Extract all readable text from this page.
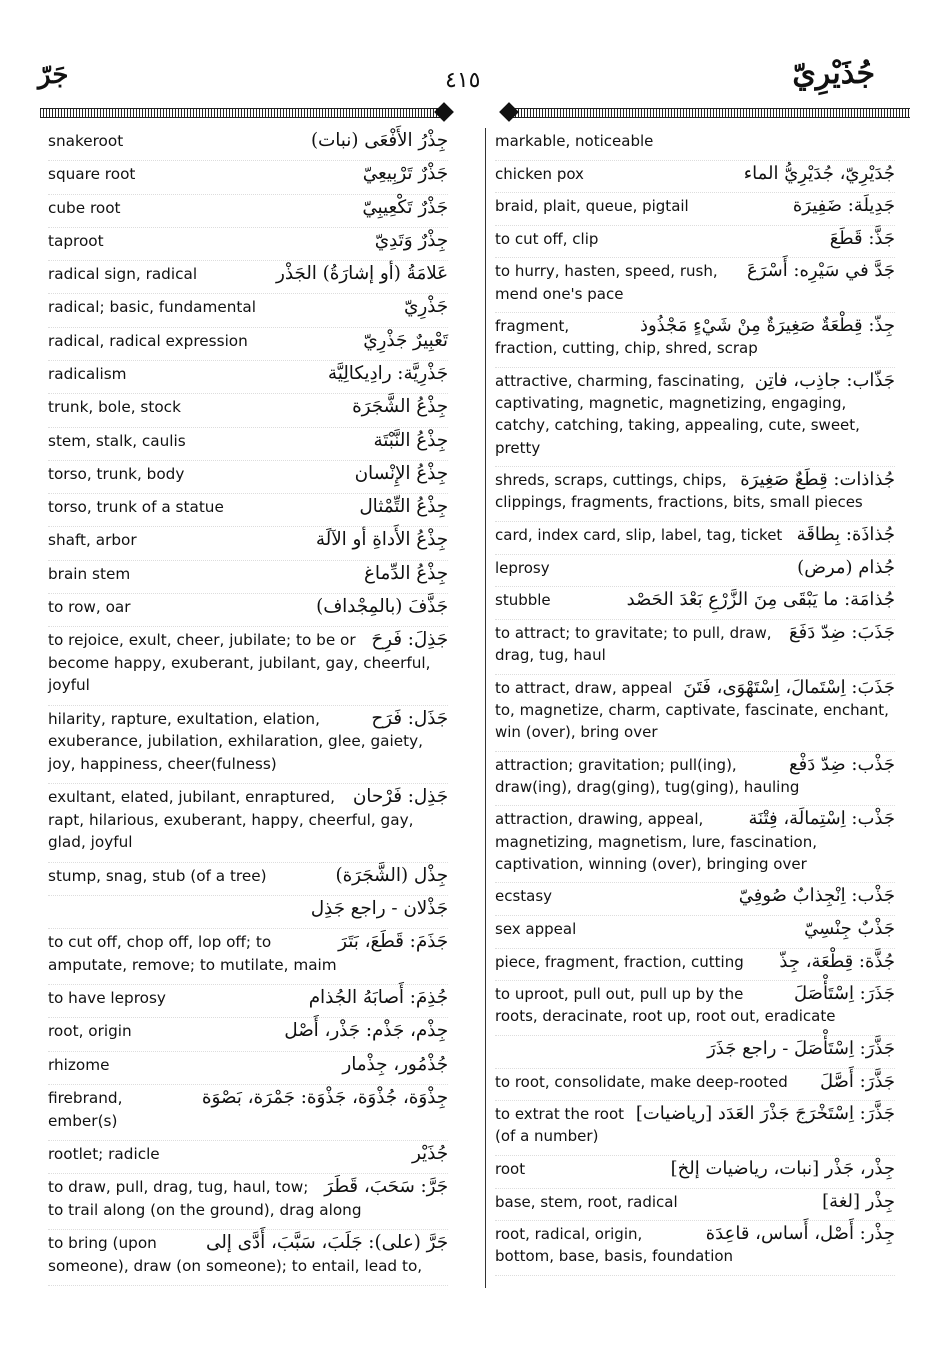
جُذَيْرِيّ
٤١٥
جَرّ
جِذْرُ الأَفْعَى (نبات)
snakeroot
جَذْرٌ تَرْبِيعِيّ
square root
جَذْرٌ تَكْعِيبِيّ
cube root
جِذْرٌ وَتَدِيّ
taproot
عَلامَةُ (أو إشارَةُ) الجَذْر
radical sign, radical
جَذْرِيّ
radical; basic, fundamental
تَعْبِيرٌ جَذْرِيّ
radical, radical expression
جَذْرِيَّة: رادِيكالِيَّة
radicalism
جِذْعُ الشَّجَرَة
trunk, bole, stock
جِذْعُ النَّبْتَة
stem, stalk, caulis
جِذْعُ الإِنْسان
torso, trunk, body
جِذْعُ التِّمْثال
torso, trunk of a statue
جِذْعُ الأَداةِ أو الآلَة
shaft, arbor
جِذْعُ الدِّماغ
brain stem
جَذَّفَ (بالمِجْداف)
to row, oar
جَذِلَ: فَرِحَ
to rejoice, exult, cheer, jubilate; to be or become happy, exuberant, jubilant, gay, cheerful, joyful
جَذَل: فَرَح
hilarity, rapture, exultation, elation, exuberance, jubilation, exhilaration, glee, gaiety, joy, happiness, cheer(fulness)
جَذِل: فَرْحان
exultant, elated, jubilant, enraptured, rapt, hilarious, exuberant, happy, cheerful, gay, glad, joyful
جِذْل (الشَّجَرَة)
stump, snag, stub (of a tree)
جَذْلان - راجع جَذِل
جَذَمَ: قَطَعَ، بَتَرَ
to cut off, chop off, lop off; to amputate, remove; to mutilate, maim
جُذِمَ: أَصابَهُ الجُذام
to have leprosy
جِذْم، جَذْم: جَذْر، أَصْل
root, origin
جُذْمُور، جِذْمار
rhizome
جِذْوَة، جُذْوَة، جَذْوَة: جَمْرَة، بَصْوَة
firebrand, ember(s)
جُذَيْر
rootlet; radicle
جَرَّ: سَحَبَ، قَطَرَ
to draw, pull, drag, tug, haul, tow; to trail along (on the ground), drag along
جَرَّ (على): جَلَبَ، سَبَّبَ، أَدَّى إلى
to bring (upon someone), draw (on someone); to entail, lead to,
markable, noticeable
جُدَيْرِيّ، جُدَيْرِيُّ الماء
chicken pox
جَدِيلَة: ضَفِيرَة
braid, plait, queue, pigtail
جَذَّ: قَطَعَ
to cut off, clip
جَدَّ في سَيْرِه: أَسْرَعَ
to hurry, hasten, speed, rush, mend one's pace
جِذّ: قِطْعَةٌ صَغِيرَةٌ مِنْ شَيْءٍ مَجْذُوذ
fragment, fraction, cutting, chip, shred, scrap
جَذّاب: جاذِب، فاتِن
attractive, charming, fascinating, captivating, magnetic, magnetizing, engaging, catchy, catching, taking, appealing, cute, sweet, pretty
جُذاذات: قِطَعٌ صَغِيرَة
shreds, scraps, cuttings, chips, clippings, fragments, fractions, bits, small pieces
جُذاذَة: بِطاقَة
card, index card, slip, label, tag, ticket
جُذام (مرض)
leprosy
جُذامَة: ما يَبْقَى مِنَ الزَّرْعِ بَعْدَ الحَصْد
stubble
جَذَبَ: ضِدّ دَفَعَ
to attract; to gravitate; to pull, draw, drag, tug, haul
جَذَبَ: اِسْتَمالَ، اِسْتَهْوَى، فَتَنَ
to attract, draw, appeal to, magnetize, charm, captivate, fascinate, enchant, win (over), bring over
جَذْب: ضِدّ دَفْع
attraction; gravitation; pull(ing), draw(ing), drag(ging), tug(ging), hauling
جَذْب: اِسْتِمالَة، فِتْنَة
attraction, drawing, appeal, magnetizing, magnetism, lure, fascination, captivation, winning (over), bringing over
جَذْب: اِنْجِذابٌ صُوفِيّ
ecstasy
جَذْبٌ جِنْسِيّ
sex appeal
جُذَّة: قِطْعَة، جِذّ
piece, fragment, fraction, cutting
جَذَرَ: اِسْتَأْصَلَ
to uproot, pull out, pull up by the roots, deracinate, root up, root out, eradicate
جَذَّرَ: اِسْتَأْصَلَ - راجع جَذَرَ
جَذَّرَ: أَصَّلَ
to root, consolidate, make deep-rooted
جَذَّرَ: اِسْتَخْرَجَ جَذْرَ العَدَد [رياضيات]
to extrat the root (of a number)
جِذْر، جَذْر [نبات، رياضيات إلخ]
root
جِذْر [لغة]
base, stem, root, radical
جِذْر: أَصْل، أَساس، قاعِدَة
root, radical, origin, bottom, base, basis, foundation
